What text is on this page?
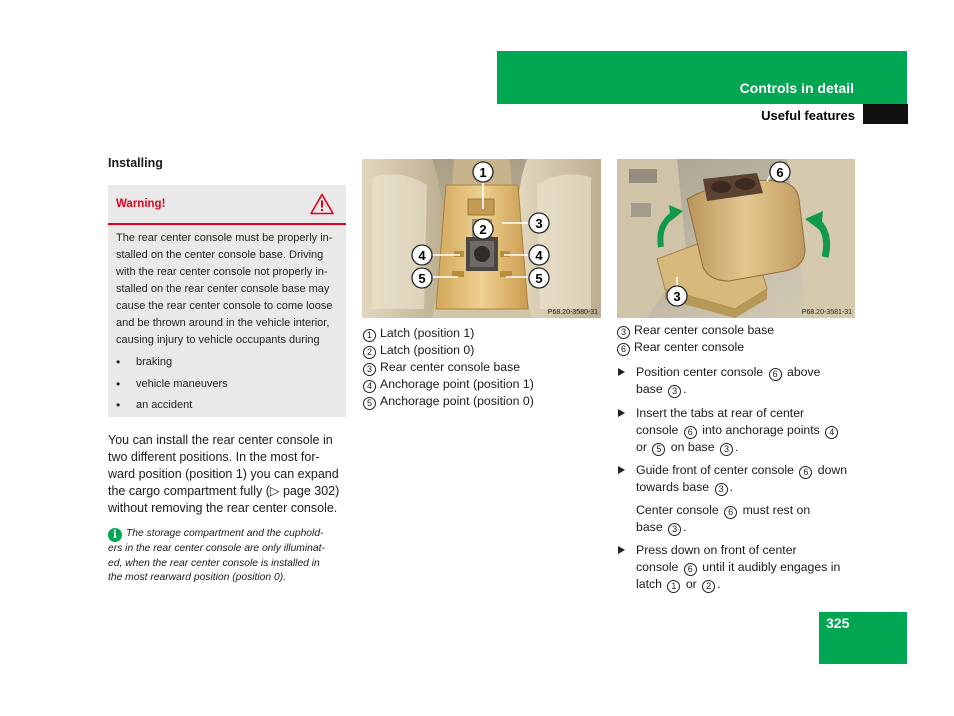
Controls in detail
Useful features
Installing
Warning!
The rear center console must be properly in-
stalled on the center console base. Driving
with the rear center console not properly in-
stalled on the rear center console base may
cause the rear center console to come loose
and be thrown around in the vehicle interior,
causing injury to vehicle occupants during
• braking
• vehicle maneuvers
• an accident
You can install the rear center console in
two different positions. In the most for-
ward position (position 1) you can expand
the cargo compartment fully (▷ page 302)
without removing the rear center console.
i The storage compartment and the cuphold-
ers in the rear center console are only illuminat-
ed, when the rear center console is installed in
the most rearward position (position 0).
1
2	3
4	4
5	5
P68.20-3580-31
6
3
P68.20-3581-31
1 Latch (position 1)
2 Latch (position 0)
3 Rear center console base
4 Anchorage point (position 1)
5 Anchorage point (position 0)
3 Rear center console base
6 Rear center console
Position center console 6 above
base 3 .
Insert the tabs at rear of center
console 6 into anchorage points 4
or 5 on base 3 .
Guide front of center console 6 down
towards base 3 .
Center console 6 must rest on
base 3 .
Press down on front of center
console 6 until it audibly engages in
latch 1 or 2 .
325
